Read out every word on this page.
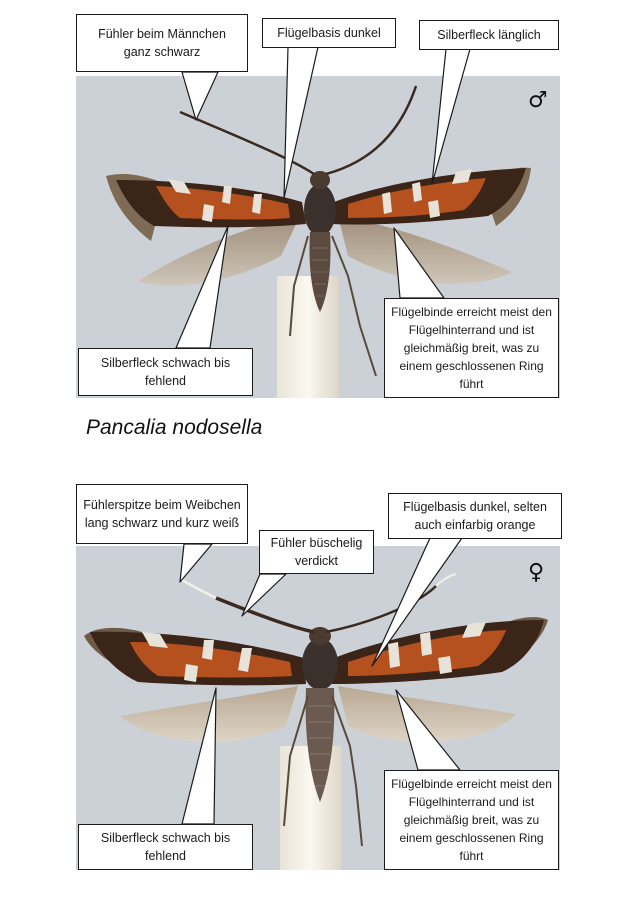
♂
♀
Fühler beim Männchen ganz schwarz
Flügelbasis dunkel	Silberfleck länglich
Flügelbinde erreicht meist den Flügelhinterrand und ist gleichmäßig breit, was zu einem geschlossenen Ring führt
Silberfleck schwach bis fehlend
Pancalia nodosella
Fühlerspitze beim Weibchen lang schwarz und kurz weiß
Fühler büschelig verdickt
Flügelbasis dunkel, selten auch einfarbig orange
Flügelbinde erreicht meist den Flügelhinterrand und ist gleichmäßig breit, was zu einem geschlossenen Ring führt
Silberfleck schwach bis fehlend
